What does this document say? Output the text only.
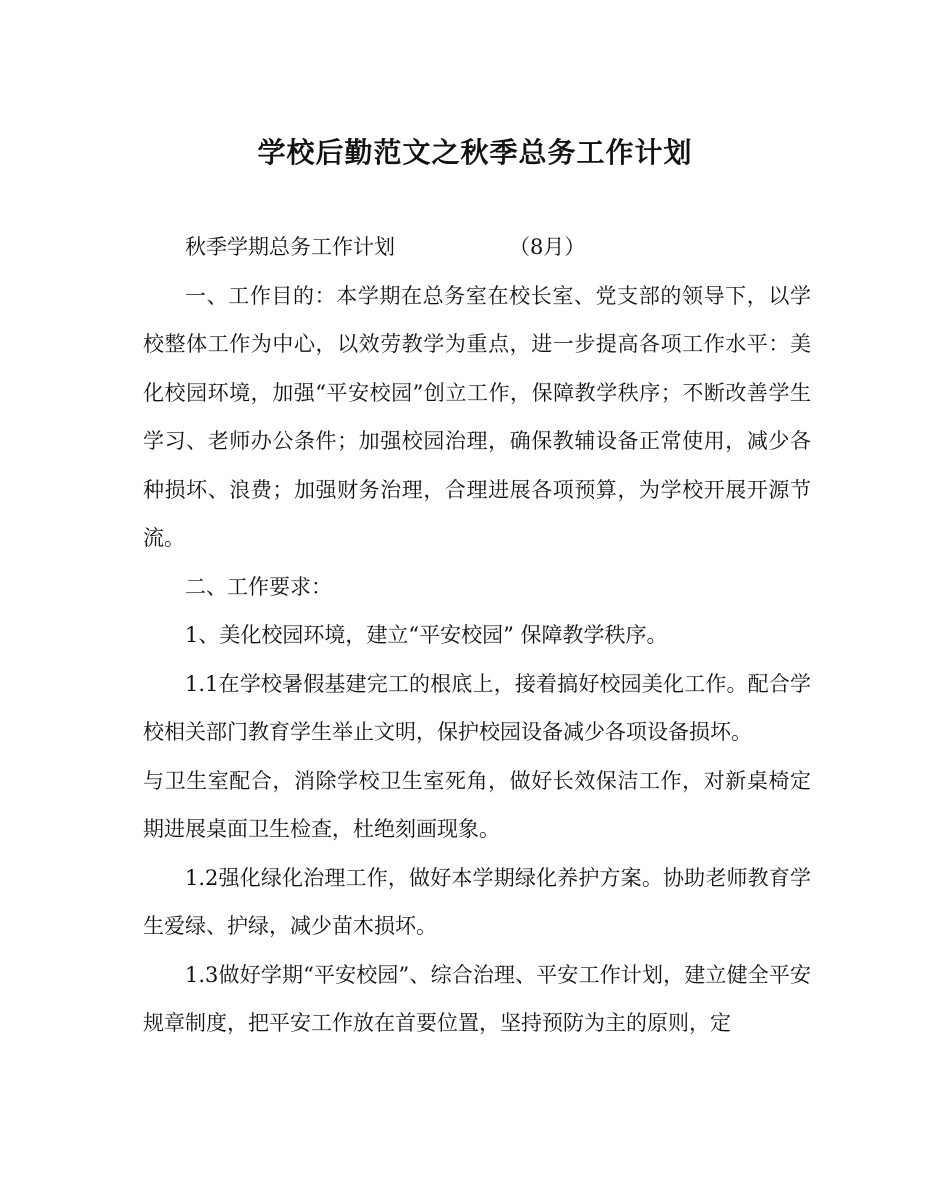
学校后勤范文之秋季总务工作计划

秋季学期总务工作计划	（8月）

一、工作目的：本学期在总务室在校长室、党支部的领导下，以学校整体工作为中心，以效劳教学为重点，进一步提高各项工作水平：美化校园环境，加强“平安校园”创立工作，保障教学秩序；不断改善学生学习、老师办公条件；加强校园治理，确保教辅设备正常使用，减少各种损坏、浪费；加强财务治理，合理进展各项预算，为学校开展开源节流。

二、工作要求：

1、美化校园环境，建立“平安校园” 保障教学秩序。

1.1在学校暑假基建完工的根底上，接着搞好校园美化工作。配合学校相关部门教育学生举止文明，保护校园设备减少各项设备损坏。

与卫生室配合，消除学校卫生室死角，做好长效保洁工作，对新桌椅定期进展桌面卫生检查，杜绝刻画现象。

1.2强化绿化治理工作，做好本学期绿化养护方案。协助老师教育学生爱绿、护绿，减少苗木损坏。

1.3做好学期“平安校园”、综合治理、平安工作计划，建立健全平安规章制度，把平安工作放在首要位置，坚持预防为主的原则，定
